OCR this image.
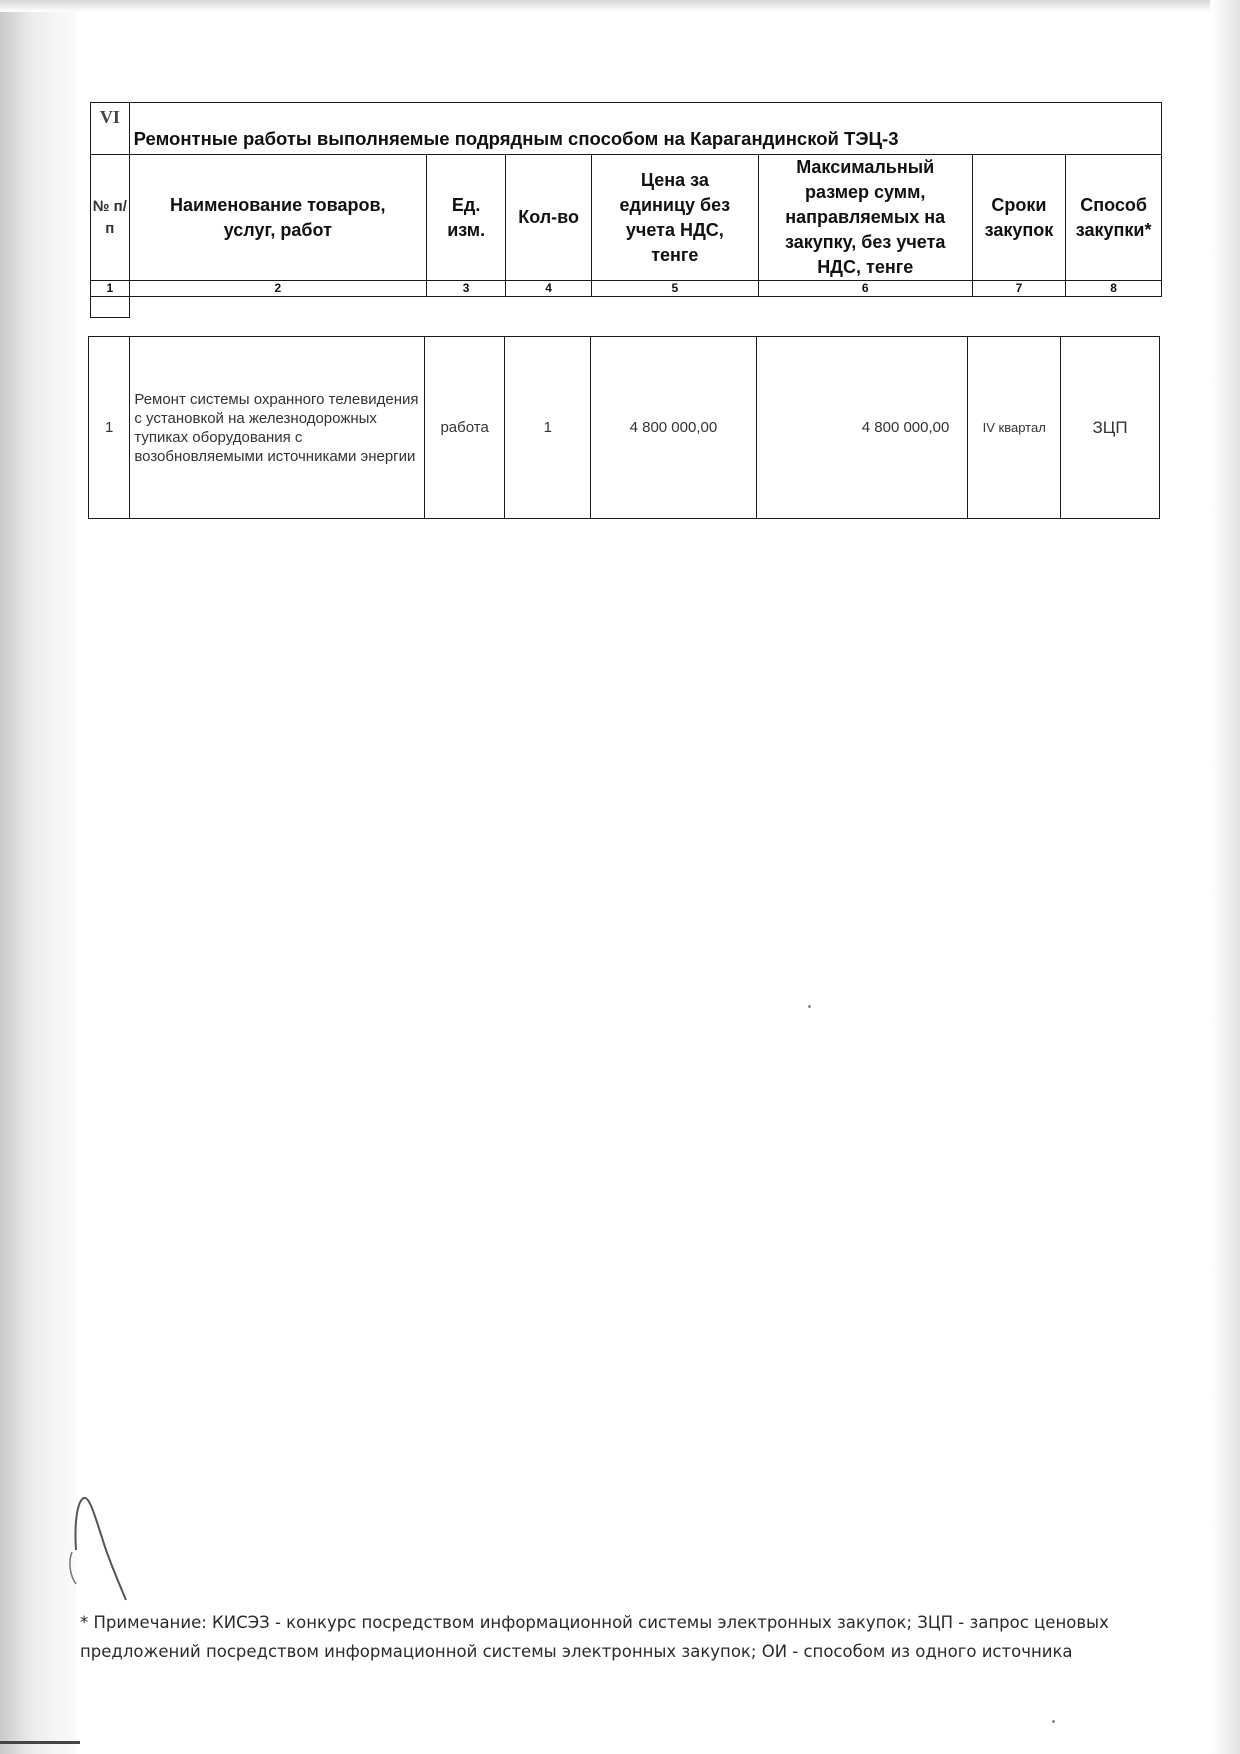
VI	Ремонтные работы выполняемые подрядным способом на Карагандинской ТЭЦ-3						
№ п/п	Наименование товаров, услуг, работ	Ед. изм.	Кол-во	Цена за единицу без учета НДС, тенге	Максимальный размер сумм, направляемых на закупку, без учета НДС, тенге	Сроки закупок	Способ закупки*
1	2	3	4	5	6	7	8

1	Ремонт системы охранного телевидения с установкой на железнодорожных тупиках оборудования с возобновляемыми источниками энергии	работа	1	4 800 000,00	4 800 000,00	IV квартал	ЗЦП
* Примечание: КИСЭЗ - конкурс посредством информационной системы электронных закупок; ЗЦП - запрос ценовых предложений посредством информационной системы электронных закупок; ОИ - способом из одного источника
